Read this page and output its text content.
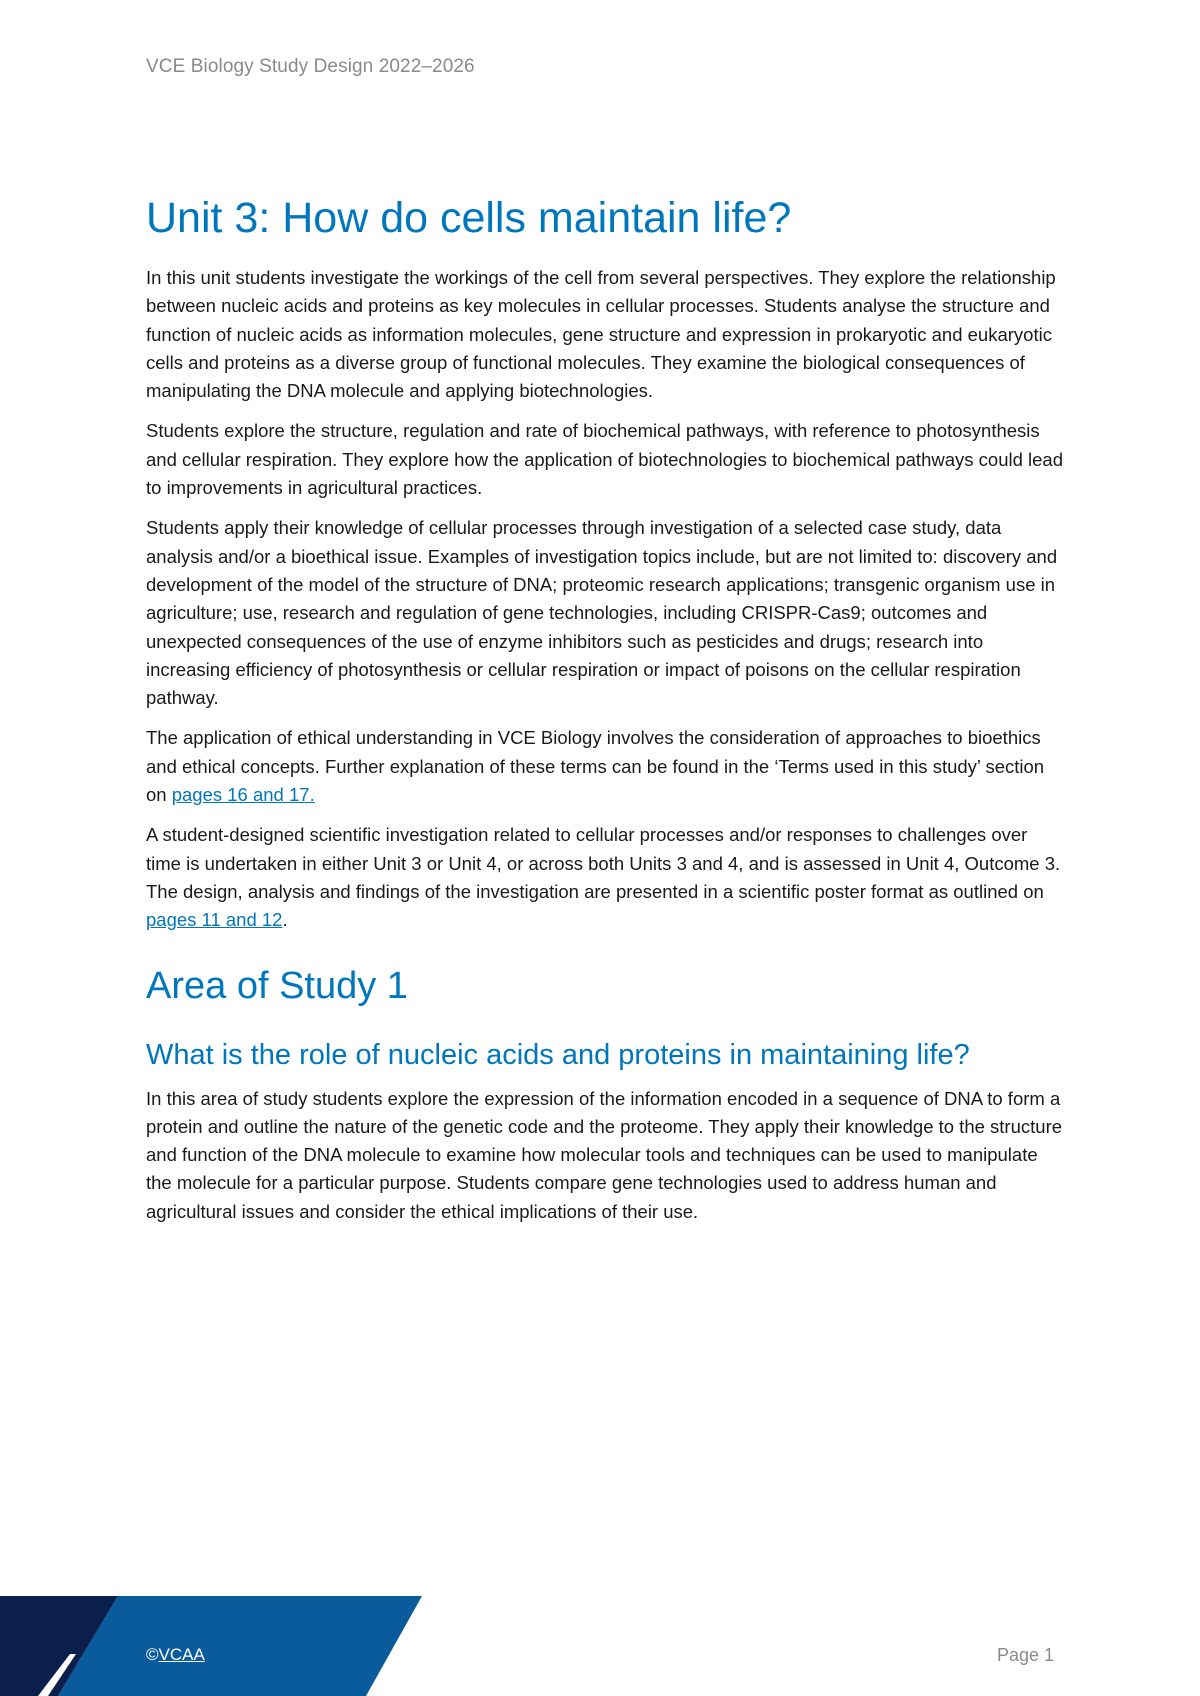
VCE Biology Study Design 2022–2026
Unit 3: How do cells maintain life?

In this unit students investigate the workings of the cell from several perspectives. They explore the relationship between nucleic acids and proteins as key molecules in cellular processes. Students analyse the structure and function of nucleic acids as information molecules, gene structure and expression in prokaryotic and eukaryotic cells and proteins as a diverse group of functional molecules. They examine the biological consequences of manipulating the DNA molecule and applying biotechnologies.

Students explore the structure, regulation and rate of biochemical pathways, with reference to photosynthesis and cellular respiration. They explore how the application of biotechnologies to biochemical pathways could lead to improvements in agricultural practices.

Students apply their knowledge of cellular processes through investigation of a selected case study, data analysis and/or a bioethical issue. Examples of investigation topics include, but are not limited to: discovery and development of the model of the structure of DNA; proteomic research applications; transgenic organism use in agriculture; use, research and regulation of gene technologies, including CRISPR-Cas9; outcomes and unexpected consequences of the use of enzyme inhibitors such as pesticides and drugs; research into increasing efficiency of photosynthesis or cellular respiration or impact of poisons on the cellular respiration pathway.

The application of ethical understanding in VCE Biology involves the consideration of approaches to bioethics and ethical concepts. Further explanation of these terms can be found in the ‘Terms used in this study’ section on pages 16 and 17.

A student-designed scientific investigation related to cellular processes and/or responses to challenges over time is undertaken in either Unit 3 or Unit 4, or across both Units 3 and 4, and is assessed in Unit 4, Outcome 3. The design, analysis and findings of the investigation are presented in a scientific poster format as outlined on pages 11 and 12.

Area of Study 1
What is the role of nucleic acids and proteins in maintaining life?

In this area of study students explore the expression of the information encoded in a sequence of DNA to form a protein and outline the nature of the genetic code and the proteome. They apply their knowledge to the structure and function of the DNA molecule to examine how molecular tools and techniques can be used to manipulate the molecule for a particular purpose. Students compare gene technologies used to address human and agricultural issues and consider the ethical implications of their use.

©VCAA	Page 1
